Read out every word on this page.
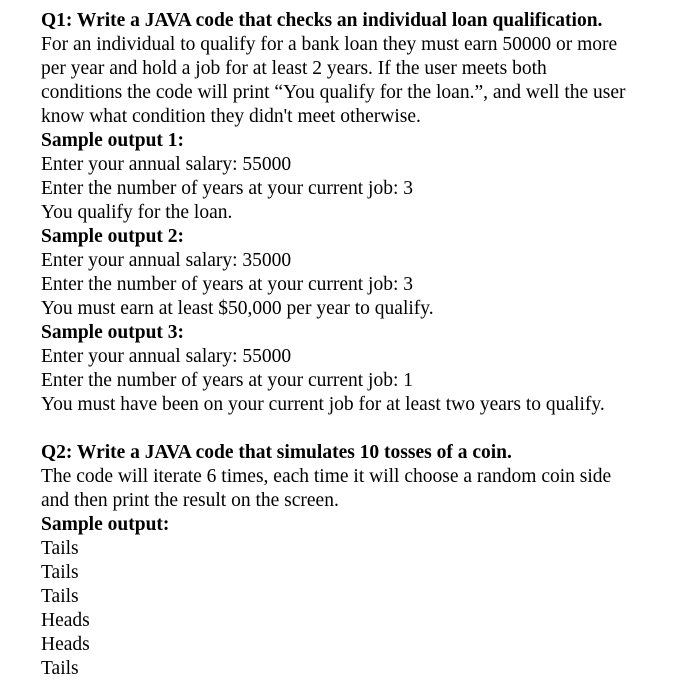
Q1: Write a JAVA code that checks an individual loan qualification.
For an individual to qualify for a bank loan they must earn 50000 or more
per year and hold a job for at least 2 years. If the user meets both
conditions the code will print “You qualify for the loan.”, and well the user
know what condition they didn't meet otherwise.
Sample output 1:
Enter your annual salary: 55000
Enter the number of years at your current job: 3
You qualify for the loan.
Sample output 2:
Enter your annual salary: 35000
Enter the number of years at your current job: 3
You must earn at least $50,000 per year to qualify.
Sample output 3:
Enter your annual salary: 55000
Enter the number of years at your current job: 1
You must have been on your current job for at least two years to qualify.
Q2: Write a JAVA code that simulates 10 tosses of a coin.
The code will iterate 6 times, each time it will choose a random coin side
and then print the result on the screen.
Sample output:
Tails
Tails
Tails
Heads
Heads
Tails
